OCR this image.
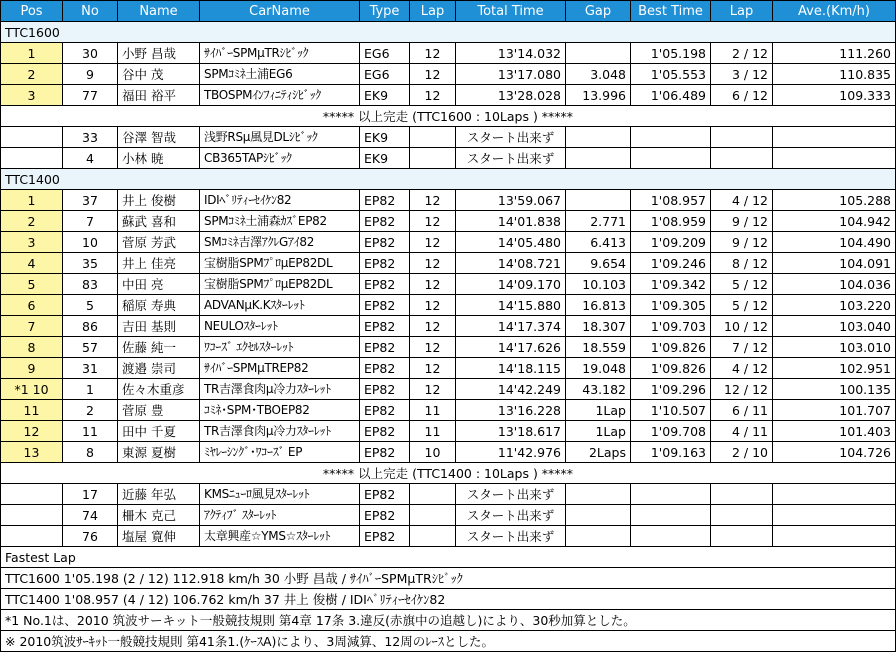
Pos	No	Name	CarName	Type	Lap	Total Time	Gap	Best Time	Lap	Ave.(Km/h)
TTC1600										
1	30	小野 昌哉	ｻｲﾊﾞｰSPMμTRｼﾋﾞｯｸ	EG6	12	13'14.032		1'05.198	2 / 12	111.260
2	9	谷中 茂	SPMｺﾐﾈ土浦EG6	EG6	12	13'17.080	3.048	1'05.553	3 / 12	110.835
3	77	福田 裕平	TBOSPMｲﾝﾌｨﾆﾃｨｼﾋﾞｯｸ	EK9	12	13'28.028	13.996	1'06.489	6 / 12	109.333
***** 以上完走 (TTC1600 : 10Laps ) *****										
	33	谷澤 智哉	浅野RSμ風見DLｼﾋﾞｯｸ	EK9		スタート出来ず				
	4	小林 暁	CB365TAPｼﾋﾞｯｸ	EK9		スタート出来ず				
TTC1400										
1	37	井上 俊樹	IDIﾍﾞﾘﾃｨｰｾｲｹﾝ82	EP82	12	13'59.067		1'08.957	4 / 12	105.288
2	7	蘇武 喜和	SPMｺﾐﾈ土浦森ｶｽﾞEP82	EP82	12	14'01.838	2.771	1'08.959	9 / 12	104.942
3	10	菅原 芳武	SMｺﾐﾈ吉澤ｱｸﾚGｱｲ82	EP82	12	14'05.480	6.413	1'09.209	9 / 12	104.490
4	35	井上 佳亮	宝樹脂SPMﾌﾟﾛμEP82DL	EP82	12	14'08.721	9.654	1'09.246	8 / 12	104.091
5	83	中田 亮	宝樹脂SPMﾌﾟﾛμEP82DL	EP82	12	14'09.170	10.103	1'09.342	5 / 12	104.036
6	5	稲原 寿典	ADVANμK.Kｽﾀｰﾚｯﾄ	EP82	12	14'15.880	16.813	1'09.305	5 / 12	103.220
7	86	吉田 基則	NEULOｽﾀｰﾚｯﾄ	EP82	12	14'17.374	18.307	1'09.703	10 / 12	103.040
8	57	佐藤 純一	ﾜｺｰｽﾞ ｴｸｾﾙｽﾀｰﾚｯﾄ	EP82	12	14'17.626	18.559	1'09.826	7 / 12	103.010
9	31	渡邉 崇司	ｻｲﾊﾞｰSPMμTREP82	EP82	12	14'18.115	19.048	1'09.826	4 / 12	102.951
*1 10	1	佐々木重彦	TR吉澤食肉μ冷力ｽﾀｰﾚｯﾄ	EP82	12	14'42.249	43.182	1'09.296	12 / 12	100.135
11	2	菅原 豊	ｺﾐﾈ･SPM･TBOEP82	EP82	11	13'16.228	1Lap	1'10.507	6 / 11	101.707
12	11	田中 千夏	TR吉澤食肉μ冷力ｽﾀｰﾚｯﾄ	EP82	11	13'18.617	1Lap	1'09.708	4 / 11	101.403
13	8	東源 夏樹	ﾐﾔﾚｰｼﾝｸﾞ･ﾜｺｰｽﾞ EP	EP82	10	11'42.976	2Laps	1'09.163	2 / 10	104.726
***** 以上完走 (TTC1400 : 10Laps ) *****										
	17	近藤 年弘	KMSﾆｭｰﾛ風見ｽﾀｰﾚｯﾄ	EP82		スタート出来ず				
	74	柵木 克己	ｱｸﾃｨﾌﾞ ｽﾀｰﾚｯﾄ	EP82		スタート出来ず				
	76	塩屋 寛伸	太章興産☆YMS☆ｽﾀｰﾚｯﾄ	EP82		スタート出来ず				
Fastest Lap										
TTC1600 1'05.198 (2 / 12) 112.918 km/h 30 小野 昌哉 / ｻｲﾊﾞｰSPMμTRｼﾋﾞｯｸ										
TTC1400 1'08.957 (4 / 12) 106.762 km/h 37 井上 俊樹 / IDIﾍﾞﾘﾃｨｰｾｲｹﾝ82										
*1 No.1は、2010 筑波サーキット一般競技規則 第4章 17条 3.違反(赤旗中の追越し)により、30秒加算とした。										
※ 2010筑波ｻｰｷｯﾄ一般競技規則 第41条1.(ｹｰｽA)により、3周減算、12周のﾚｰｽとした。										
